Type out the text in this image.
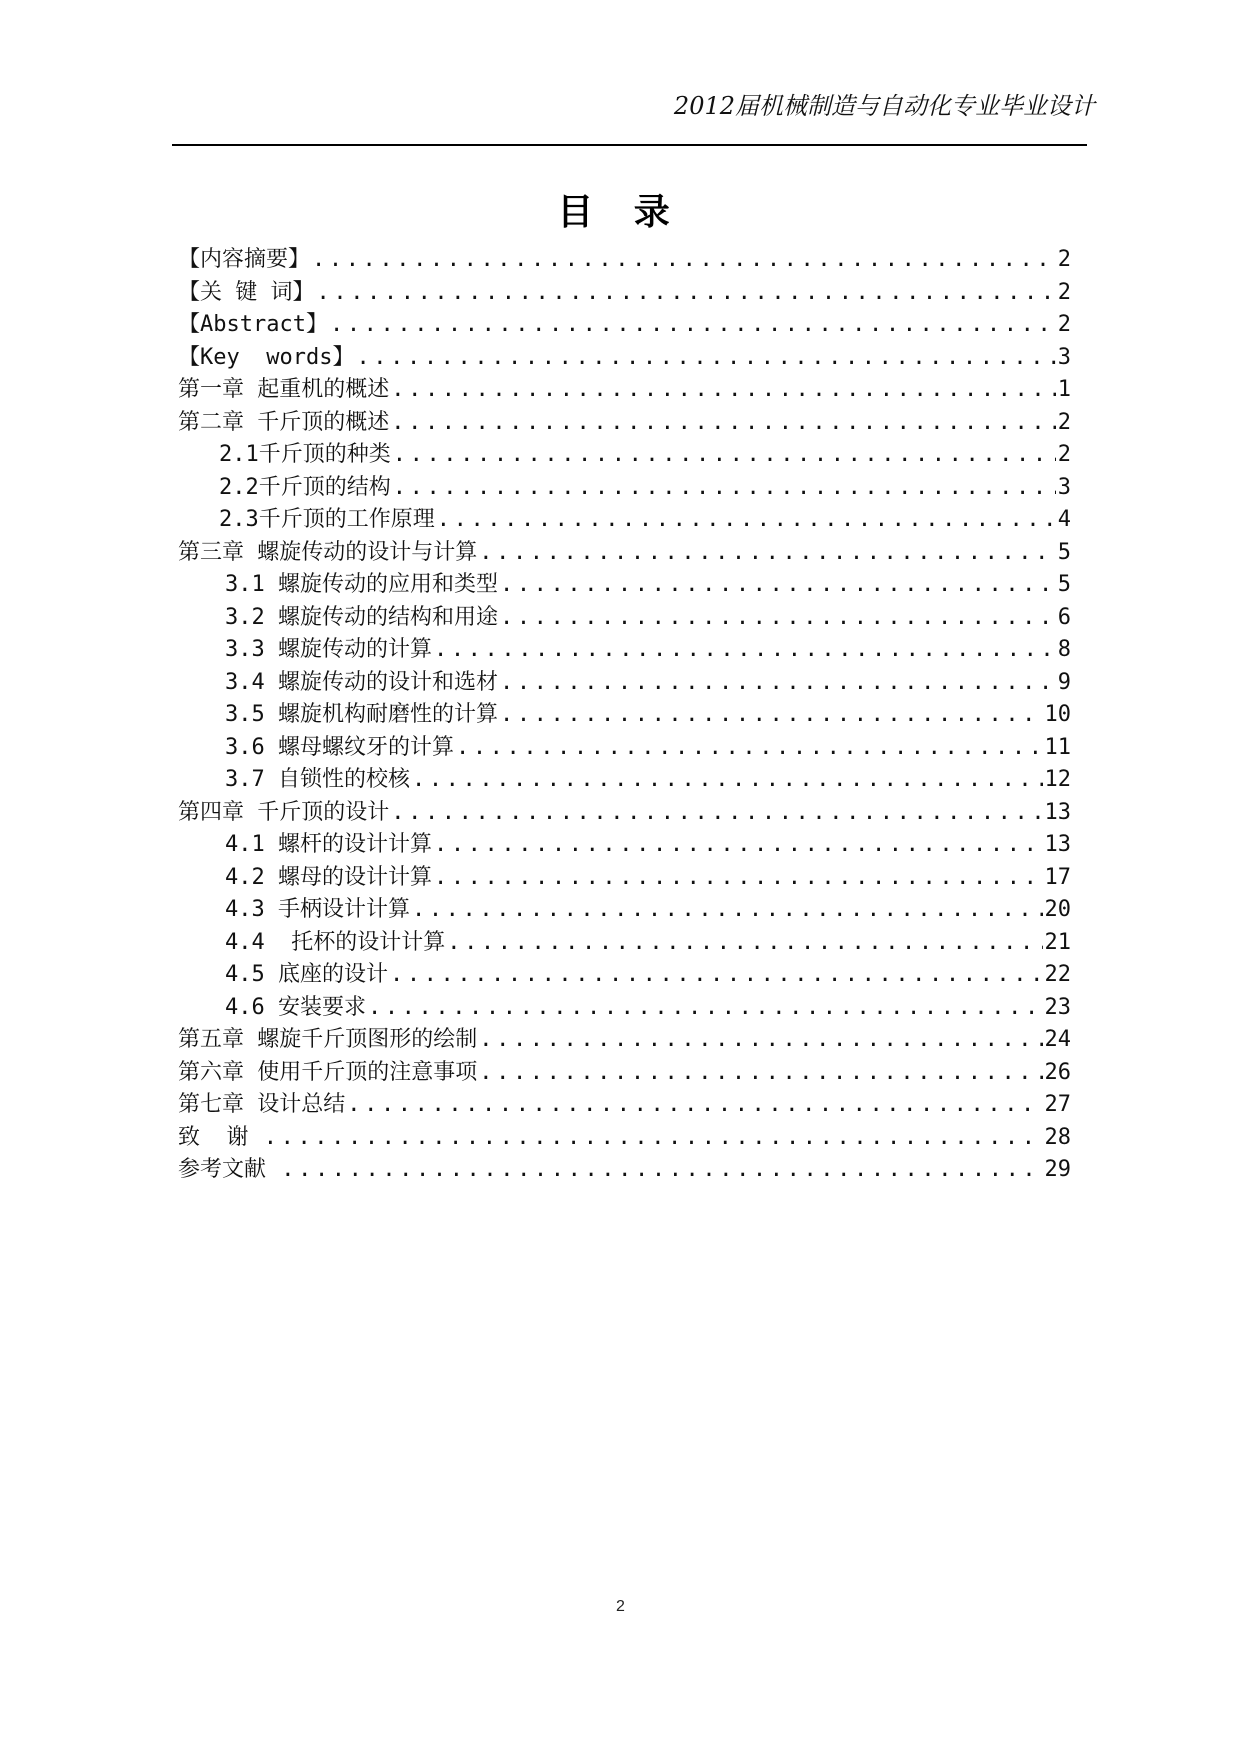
2012届机械制造与自动化专业毕业设计
目 录
【内容摘要】 .....	2
【关 键 词】 .....	2
【Abstract】 .....	2
【Key  words】 .....	3
第一章 起重机的概述 .....	1
第二章 千斤顶的概述 .....	2
2.1千斤顶的种类 .....	2
2.2千斤顶的结构 .....	3
2.3千斤顶的工作原理 .....	4
第三章 螺旋传动的设计与计算 .....	5
3.1 螺旋传动的应用和类型 .....	5
3.2 螺旋传动的结构和用途 .....	6
3.3 螺旋传动的计算 .....	8
3.4 螺旋传动的设计和选材 .....	9
3.5 螺旋机构耐磨性的计算 .....	10
3.6 螺母螺纹牙的计算 .....	11
3.7 自锁性的校核 .....	12
第四章 千斤顶的设计 .....	13
4.1 螺杆的设计计算 .....	13
4.2 螺母的设计计算 .....	17
4.3 手柄设计计算 .....	20
4.4  托杯的设计计算 .....	21
4.5 底座的设计 .....	22
4.6 安装要求 .....	23
第五章 螺旋千斤顶图形的绘制 .....	24
第六章 使用千斤顶的注意事项 .....	26
第七章 设计总结 .....	27
致  谢 .....	28
参考文献 .....	29
2
